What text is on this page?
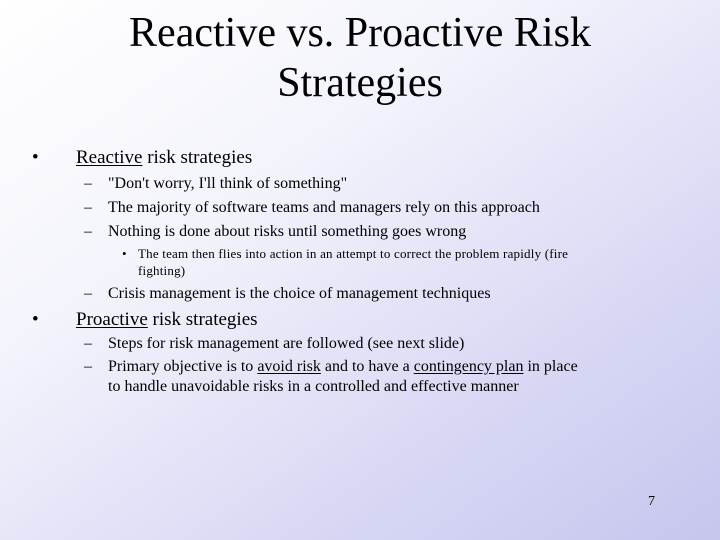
Reactive vs. Proactive Risk
Strategies
• Reactive risk strategies
– "Don't worry, I'll think of something"
– The majority of software teams and managers rely on this approach
– Nothing is done about risks until something goes wrong
• The team then flies into action in an attempt to correct the problem rapidly (fire
fighting)
– Crisis management is the choice of management techniques
• Proactive risk strategies
– Steps for risk management are followed (see next slide)
– Primary objective is to avoid risk and to have a contingency plan in place
to handle unavoidable risks in a controlled and effective manner
7
